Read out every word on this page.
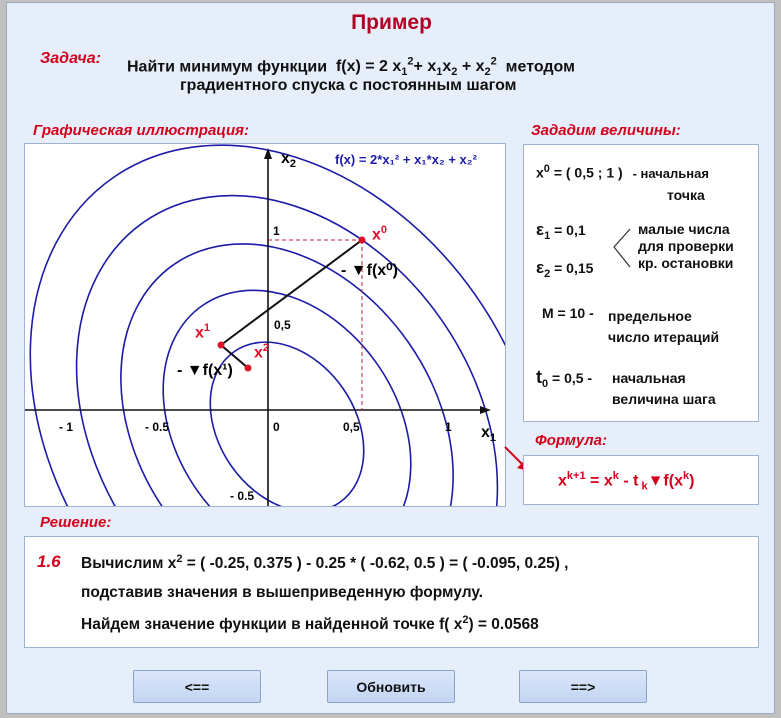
Пример
Задача: Найти минимум функции f(x) = 2 $x_1^2+ x_1x_2 + x_2^2$ методом
градиентного спуска с постоянным шагом
Графическая иллюстрация:
$x_2$
$x_1$
f(x) = 2*x₁² + x₁*x₂ + x₂²
- 1	- 0.5	0	0,5	1
1
0,5
- 0.5
$x^0$
$x^1$
$x^2$
- ▼f(x⁰)
- ▼f(x¹)
Зададим величины:
$x^0$ = ( 0,5 ; 1 ) - начальная
точка
$\varepsilon_1 = 0,1$
$\varepsilon_2 = 0,15$
малые числа
для проверки
кр. остановки
M = 10 - предельное
число итераций
$t_0 = 0,5$ - начальная
величина шага
Формула:
$x^{k+1} = x^k - t$ $_k▼f(x^k)$
Решение:
1.6 Вычислим $x^2$ = ( -0.25, 0.375 ) - 0.25 * ( -0.62, 0.5 ) = ( -0.095, 0.25) ,
подставив значения в вышеприведенную формулу.
Найдем значение функции в найденной точке f( $x^2) = 0.0568$
<==	Обновить	==>
